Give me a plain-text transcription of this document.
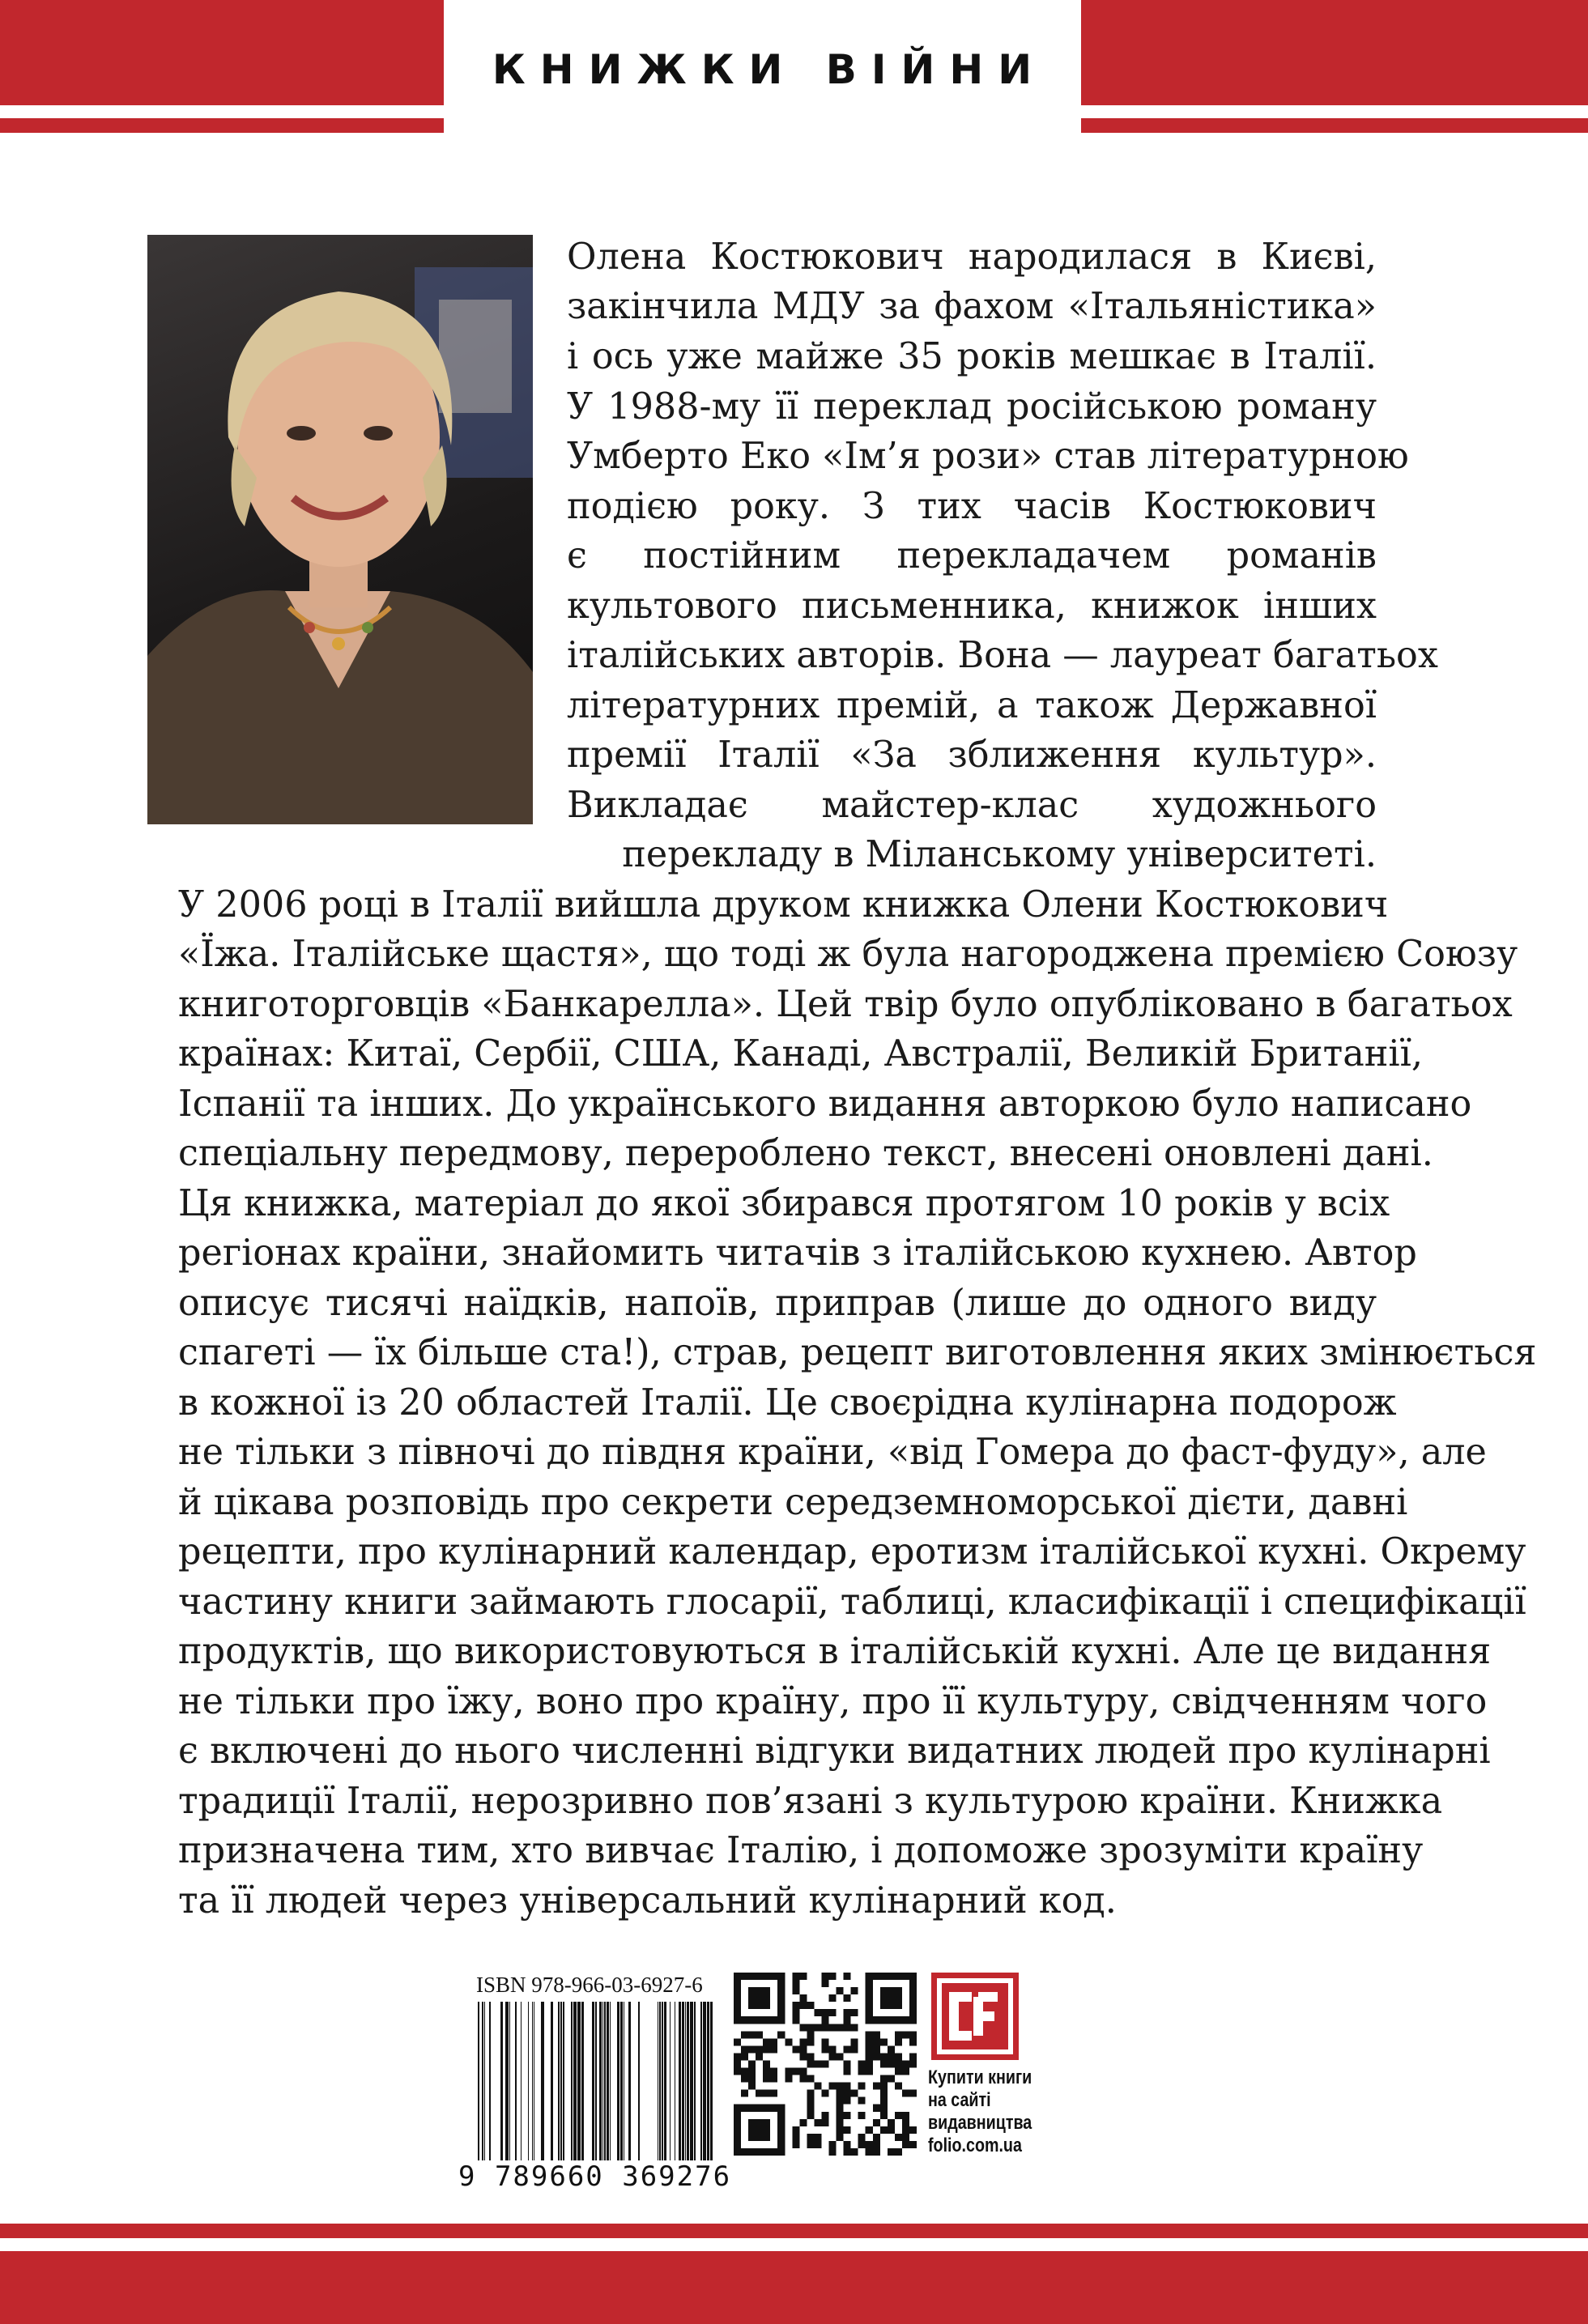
КНИЖКИ ВІЙНИ
Олена Костюкович народилася в Києві,
закінчила МДУ за фахом «Італьяністика»
і ось уже майже 35 років мешкає в Італії.
У 1988-му її переклад російською роману
Умберто Еко «Ім’я рози» став літературною
подією року. З тих часів Костюкович
є постійним перекладачем романів
культового письменника, книжок інших
італійських авторів. Вона — лауреат багатьох
літературних премій, а також Державної
премії Італії «За зближення культур».
Викладає майстер-клас художнього
перекладу в Міланському університеті.
У 2006 році в Італії вийшла друком книжка Олени Костюкович
«Їжа. Італійське щастя», що тоді ж була нагороджена премією Союзу
книготорговців «Банкарелла». Цей твір було опубліковано в багатьох
країнах: Китаї, Сербії, США, Канаді, Австралії, Великій Британії,
Іспанії та інших. До українського видання авторкою було написано
спеціальну передмову, перероблено текст, внесені оновлені дані.
Ця книжка, матеріал до якої збирався протягом 10 років у всіх
регіонах країни, знайомить читачів з італійською кухнею. Автор
описує тисячі наїдків, напоїв, приправ (лише до одного виду
спагеті — їх більше ста!), страв, рецепт виготовлення яких змінюється
в кожної із 20 областей Італії. Це своєрідна кулінарна подорож
не тільки з півночі до півдня країни, «від Гомера до фаст-фуду», але
й цікава розповідь про секрети середземноморської дієти, давні
рецепти, про кулінарний календар, еротизм італійської кухні. Окрему
частину книги займають глосарії, таблиці, класифікації і специфікації
продуктів, що використовуються в італійській кухні. Але це видання
не тільки про їжу, воно про країну, про її культуру, свідченням чого
є включені до нього численні відгуки видатних людей про кулінарні
традиції Італії, нерозривно пов’язані з культурою країни. Книжка
призначена тим, хто вивчає Італію, і допоможе зрозуміти країну
та її людей через універсальний кулінарний код.
ISBN 978-966-03-6927-6
9 789660 369276
Купити книги
на сайті
видавництва
folio.com.ua
